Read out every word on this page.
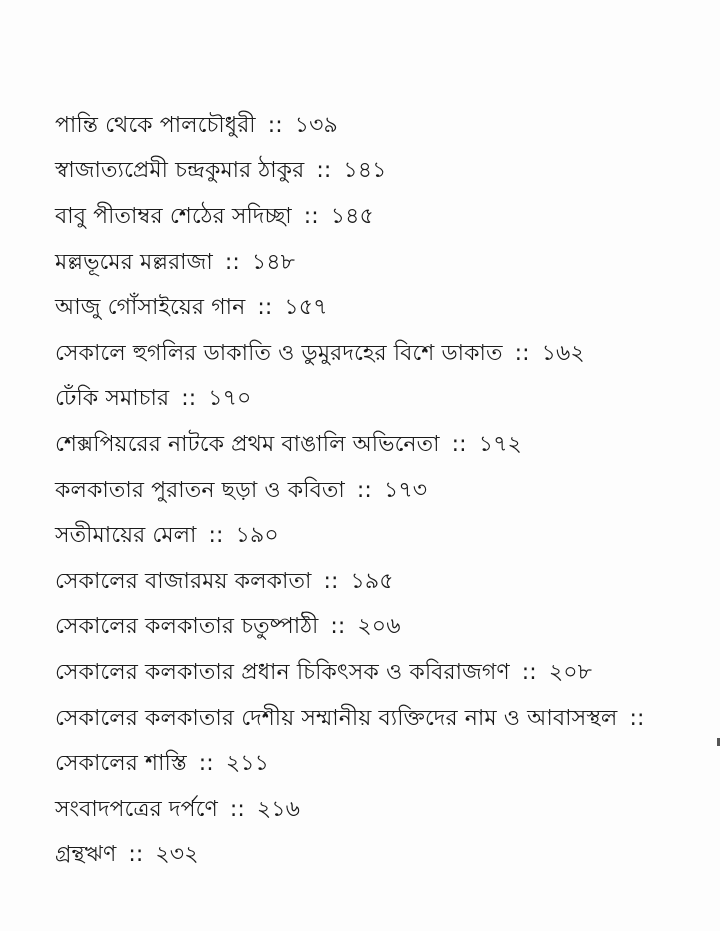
পান্তি থেকে পালচৌধুরী :: ১৩৯
স্বাজাত্যপ্রেমী চন্দ্রকুমার ঠাকুর :: ১৪১
বাবু পীতাম্বর শেঠের সদিচ্ছা :: ১৪৫
মল্লভূমের মল্লরাজা :: ১৪৮
আজু গোঁসাইয়ের গান :: ১৫৭
সেকালে হুগলির ডাকাতি ও ডুমুরদহের বিশে ডাকাত :: ১৬২
ঢেঁকি সমাচার :: ১৭০
শেক্সপিয়রের নাটকে প্রথম বাঙালি অভিনেতা :: ১৭২
কলকাতার পুরাতন ছড়া ও কবিতা :: ১৭৩
সতীমায়ের মেলা :: ১৯০
সেকালের বাজারময় কলকাতা :: ১৯৫
সেকালের কলকাতার চতুষ্পাঠী :: ২০৬
সেকালের কলকাতার প্রধান চিকিৎসক ও কবিরাজগণ :: ২০৮
সেকালের কলকাতার দেশীয় সম্মানীয় ব্যক্তিদের নাম ও আবাসস্থল ::
সেকালের শাস্তি :: ২১১
সংবাদপত্রের দর্পণে :: ২১৬
গ্রন্থঋণ :: ২৩২
